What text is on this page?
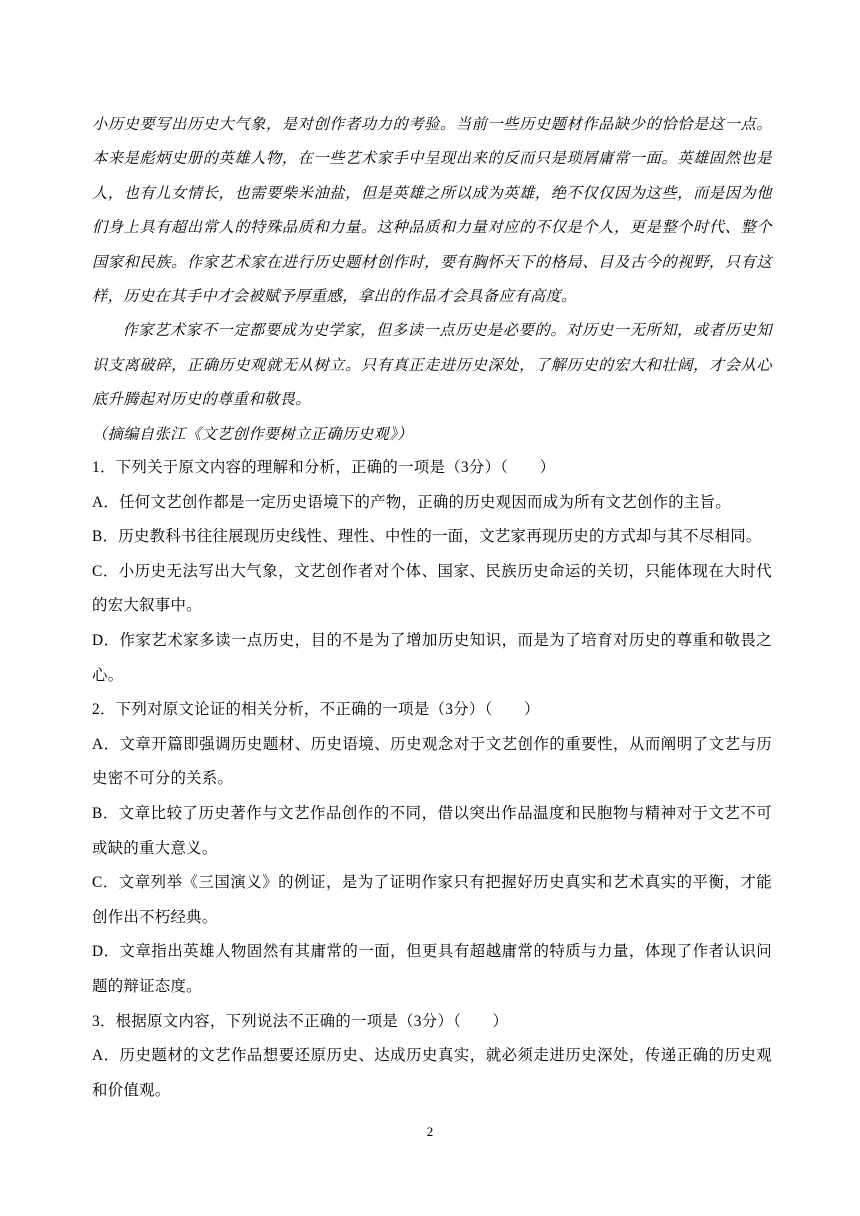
小历史要写出历史大气象，是对创作者功力的考验。当前一些历史题材作品缺少的恰恰是这一点。本来是彪炳史册的英雄人物，在一些艺术家手中呈现出来的反而只是琐屑庸常一面。英雄固然也是人，也有儿女情长，也需要柴米油盐，但是英雄之所以成为英雄，绝不仅仅因为这些，而是因为他们身上具有超出常人的特殊品质和力量。这种品质和力量对应的不仅是个人，更是整个时代、整个国家和民族。作家艺术家在进行历史题材创作时，要有胸怀天下的格局、目及古今的视野，只有这样，历史在其手中才会被赋予厚重感，拿出的作品才会具备应有高度。

作家艺术家不一定都要成为史学家，但多读一点历史是必要的。对历史一无所知，或者历史知识支离破碎，正确历史观就无从树立。只有真正走进历史深处，了解历史的宏大和壮阔，才会从心底升腾起对历史的尊重和敬畏。

（摘编自张江《文艺创作要树立正确历史观》）

1．下列关于原文内容的理解和分析，正确的一项是（3分）（　　）

A．任何文艺创作都是一定历史语境下的产物，正确的历史观因而成为所有文艺创作的主旨。

B．历史教科书往往展现历史线性、理性、中性的一面，文艺家再现历史的方式却与其不尽相同。

C．小历史无法写出大气象，文艺创作者对个体、国家、民族历史命运的关切，只能体现在大时代的宏大叙事中。

D．作家艺术家多读一点历史，目的不是为了增加历史知识，而是为了培育对历史的尊重和敬畏之心。

2．下列对原文论证的相关分析，不正确的一项是（3分）（　　）

A．文章开篇即强调历史题材、历史语境、历史观念对于文艺创作的重要性，从而阐明了文艺与历史密不可分的关系。

B．文章比较了历史著作与文艺作品创作的不同，借以突出作品温度和民胞物与精神对于文艺不可或缺的重大意义。

C．文章列举《三国演义》的例证，是为了证明作家只有把握好历史真实和艺术真实的平衡，才能创作出不朽经典。

D．文章指出英雄人物固然有其庸常的一面，但更具有超越庸常的特质与力量，体现了作者认识问题的辩证态度。

3．根据原文内容，下列说法不正确的一项是（3分）（　　）

A．历史题材的文艺作品想要还原历史、达成历史真实，就必须走进历史深处，传递正确的历史观和价值观。

2
